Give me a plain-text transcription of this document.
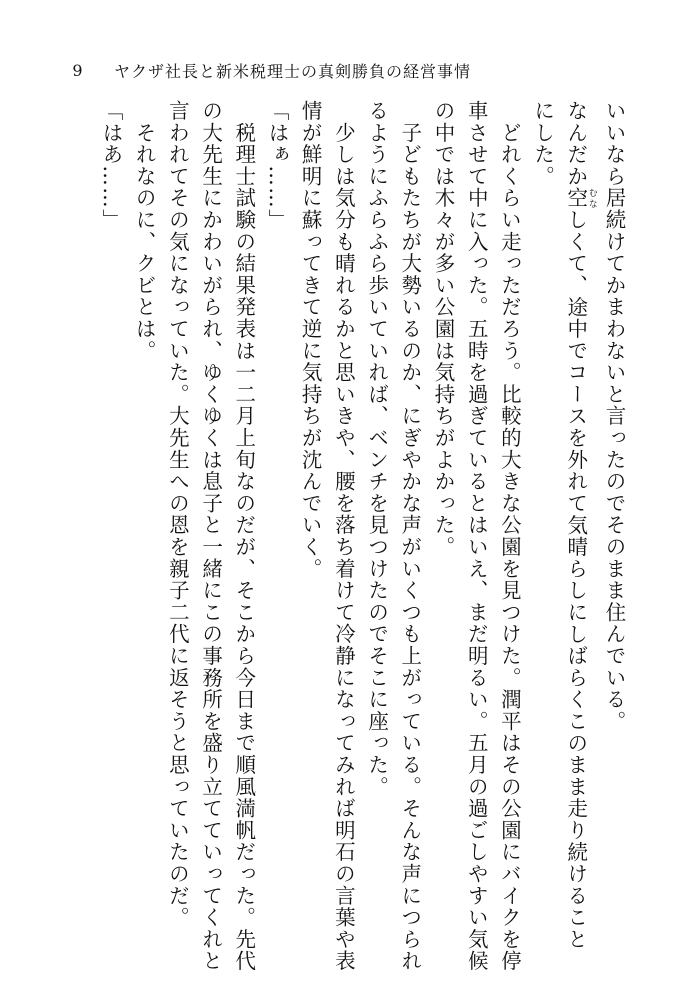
9	ヤクザ社長と新米税理士の真剣勝負の経営事情
いいなら居続けてかまわないと言ったのでそのまま住んでいる。
なんだか空 むなしくて、途中でコースを外れて気晴らしにしばらくこのまま走り続けること
にした。
　どれくらい走っただろう。比較的大きな公園を見つけた。潤平はその公園にバイクを停
車させて中に入った。五時を過ぎているとはいえ、まだ明るい。五月の過ごしやすい気候
の中では木々が多い公園は気持ちがよかった。
　子どもたちが大勢いるのか、にぎやかな声がいくつも上がっている。そんな声につられ
るようにふらふら歩いていれば、ベンチを見つけたのでそこに座った。
　少しは気分も晴れるかと思いきや、腰を落ち着けて冷静になってみれば明石の言葉や表
情が鮮明に蘇ってきて逆に気持ちが沈んでいく。
「はぁ……」
　税理士試験の結果発表は一二月上旬なのだが、そこから今日まで順風満帆だった。先代
の大先生にかわいがられ、ゆくゆくは息子と一緒にこの事務所を盛り立てていってくれと
言われてその気になっていた。大先生への恩を親子二代に返そうと思っていたのだ。
　それなのに、クビとは。
「はあ……」
